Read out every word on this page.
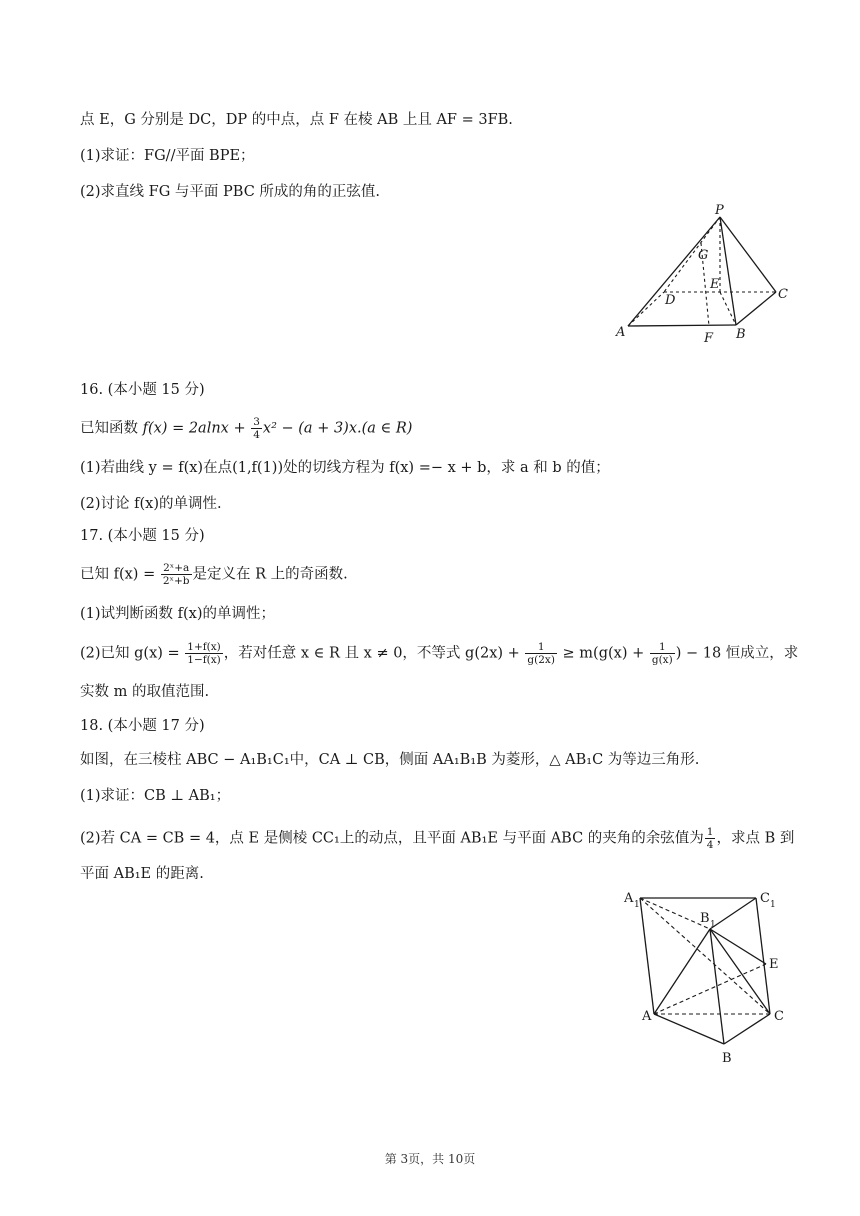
点 E，G 分别是 DC，DP 的中点，点 F 在棱 AB 上且 AF = 3FB.
(1)求证：FG//平面 BPE；
(2)求直线 FG 与平面 PBC 所成的角的正弦值.
P
G
E
C
D
A	F B
16. (本小题 15 分)
已知函数 $f(x) = 2alnx + \frac{3}{4} x^2 - (a + 3)x.(a$ ∈ R)
(1)若曲线 y = f(x)在点(1,f(1))处的切线方程为 f(x) =− x + b，求 a 和 b 的值；
(2)讨论 f(x)的单调性.
17. (本小题 15 分)
已知 $f(x) = \frac{\text{2ˣ+a}}{\text{2ˣ+b}}$ 是定义在 R 上的奇函数.
(1)试判断函数 f(x)的单调性；
(2)已知 $g(x) = \frac{1+f(x)}{1-f(x)}$ ，若对任意 x ∈ R 且 x ≠ 0，不等式 $g(2x) + \frac{1}{g(2x)} \ge m(g(x) + \frac{1}{g(x)}$ ) − 18 恒成立，求
实数 m 的取值范围.
18. (本小题 17 分)
如图，在三棱柱 ABC − A₁B₁C₁中，CA ⊥ CB，侧面 AA₁B₁B 为菱形，△ AB₁C 为等边三角形.
(1)求证：CB ⊥ AB₁；
(2)若 CA = CB = 4，点 E 是侧棱 CC₁上的动点，且平面 AB₁E 与平面 ABC 的夹角的余弦值为 $\frac{1}{4}$ ，求点 B 到
平面 AB₁E 的距离.
A 1	C 1
B 1
E
A	C
B
第 3页，共 10页
